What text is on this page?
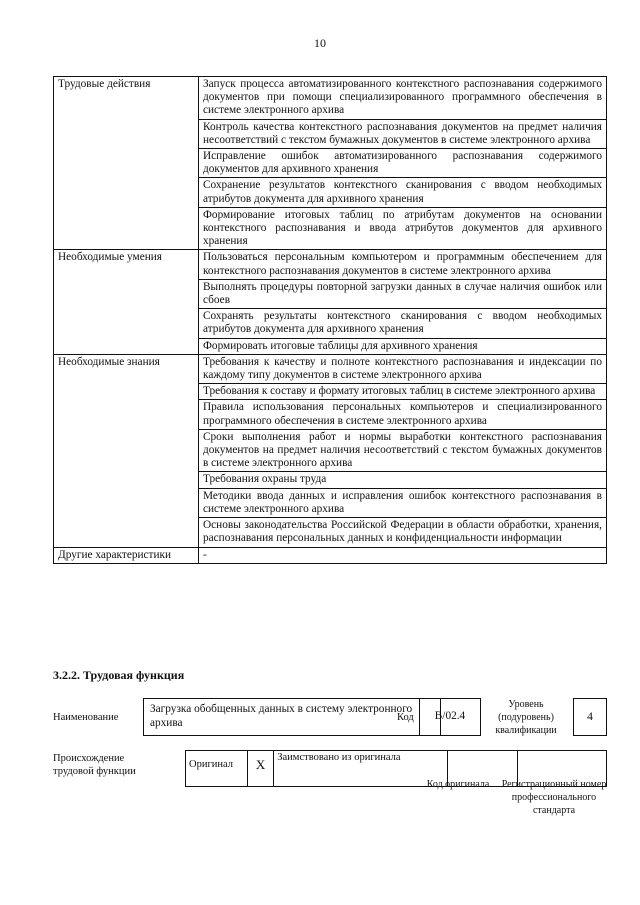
10
Трудовые действия	Запуск процесса автоматизированного контекстного распознавания содержимого документов при помощи специализированного программного обеспечения в системе электронного архива
	Контроль качества контекстного распознавания документов на предмет наличия несоответствий с текстом бумажных документов в системе электронного архива
	Исправление ошибок автоматизированного распознавания содержимого документов для архивного хранения
	Сохранение результатов контекстного сканирования с вводом необходимых атрибутов документа для архивного хранения
	Формирование итоговых таблиц по атрибутам документов на основании контекстного распознавания и ввода атрибутов документов для архивного хранения
Необходимые умения	Пользоваться персональным компьютером и программным обеспечением для контекстного распознавания документов в системе электронного архива
	Выполнять процедуры повторной загрузки данных в случае наличия ошибок или сбоев
	Сохранять результаты контекстного сканирования с вводом необходимых атрибутов документа для архивного хранения
	Формировать итоговые таблицы для архивного хранения
Необходимые знания	Требования к качеству и полноте контекстного распознавания и индексации по каждому типу документов в системе электронного архива
	Требования к составу и формату итоговых таблиц в системе электронного архива
	Правила использования персональных компьютеров и специализированного программного обеспечения в системе электронного архива
	Сроки выполнения работ и нормы выработки контекстного распознавания документов на предмет наличия несоответствий с текстом бумажных документов в системе электронного архива
	Требования охраны труда
	Методики ввода данных и исправления ошибок контекстного распознавания в системе электронного архива
	Основы законодательства Российской Федерации в области обработки, хранения, распознавания персональных данных и конфиденциальности информации
Другие характеристики	-
3.2.2. Трудовая функция
Наименование
Загрузка обобщенных данных в систему электронного архива	Код	B/02.4
Уровень (подуровень) квалификации
4
Происхождение трудовой функции
Оригинал	X	Заимствовано из оригинала		
Код оригинала	Регистрационный номер профессионального стандарта
